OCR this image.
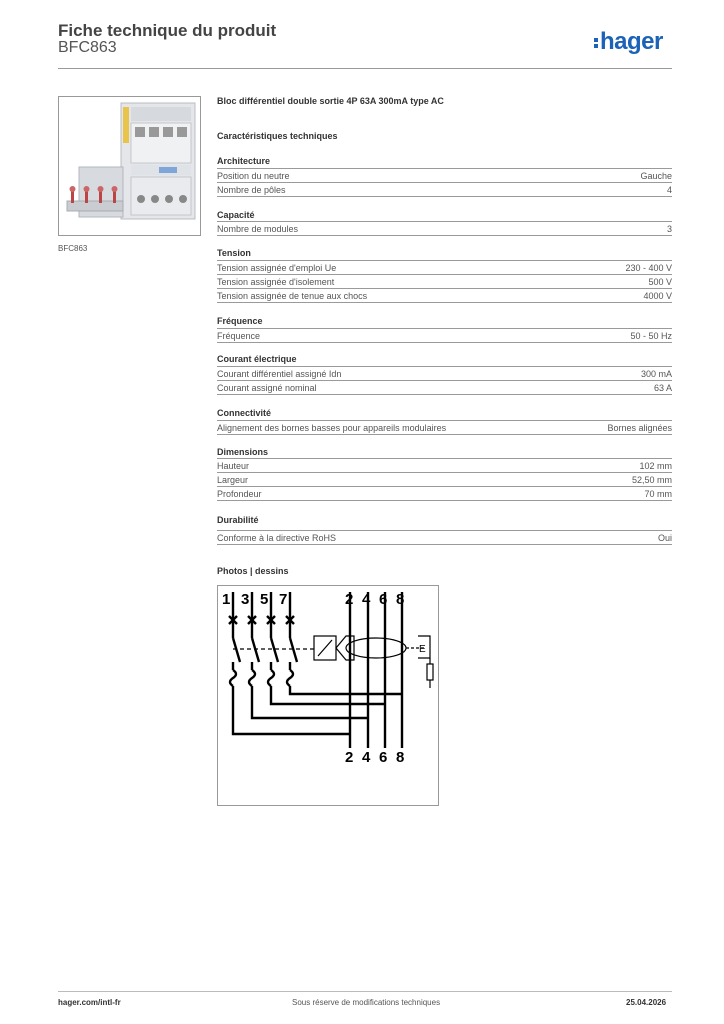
Fiche technique du produit
BFC863	hager
BFC863
Bloc différentiel double sortie 4P 63A 300mA type AC
Caractéristiques techniques
Architecture
Position du neutre	Gauche
Nombre de pôles	4
Capacité
Nombre de modules	3
Tension
Tension assignée d'emploi Ue	230 - 400 V
Tension assignée d'isolement	500 V
Tension assignée de tenue aux chocs	4000 V
Fréquence
Fréquence	50 - 50 Hz
Courant électrique
Courant différentiel assigné Idn	300 mA
Courant assigné nominal	63 A
Connectivité
Alignement des bornes basses pour appareils modulaires	Bornes alignées
Dimensions
Hauteur	102 mm
Largeur	52,50 mm
Profondeur	70 mm
Durabilité
Conforme à la directive RoHS	Oui
Photos | dessins
1 3 5 7	2 4 6 8
E
2 4 6 8
hager.com/intl-fr	Sous réserve de modifications techniques	25.04.2026
